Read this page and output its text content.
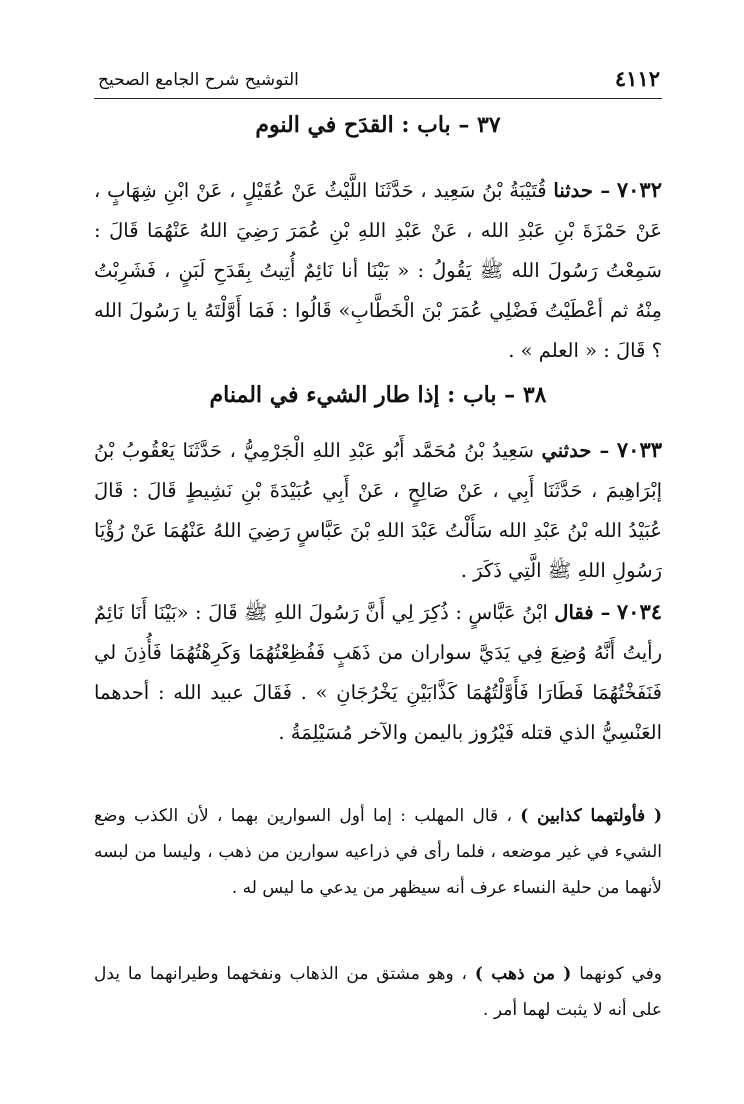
٤١١٢
التوشيح شرح الجامع الصحيح
٣٧ – باب : القدَح في النوم
٧٠٣٢ – حدثنا قُتَيْبَةُ بْنُ سَعِيد ، حَدَّثَنَا اللَّيْثُ عَنْ عُقَيْلٍ ، عَنْ ابْنِ شِهَابٍ ، عَنْ حَمْزَةَ بْنِ عَبْدِ الله ، عَنْ عَبْدِ اللهِ بْنِ عُمَرَ رَضِيَ اللهُ عَنْهُمَا قَالَ : سَمِعْتُ رَسُولَ الله ﷺ يَقُولُ : « بَيْنَا أنا نَائِمٌ أُتِيتُ بِقَدَحِ لَبَنٍ ، فَشَرِبْتُ مِنْهُ ثم أعْطَيْتُ فَضْلِي عُمَرَ بْنَ الْخَطَّابِ» قَالُوا : فَمَا أَوَّلْتَهُ يا رَسُولَ الله ؟ قَالَ : « العلم » .
٣٨ – باب : إذا طار الشيء في المنام
٧٠٣٣ – حدثني سَعِيدُ بْنُ مُحَمَّد أَبُو عَبْدِ اللهِ الْجَرْمِيُّ ، حَدَّثَنَا يَعْقُوبُ بْنُ إبْرَاهِيمَ ، حَدَّثَنَا أَبِي ، عَنْ صَالِحٍ ، عَنْ أَبِي عُبَيْدَةَ بْنِ نَشِيطٍ قَالَ : قَالَ عُبَيْدُ الله بْنُ عَبْدِ الله سَأَلْتُ عَبْدَ اللهِ بْنَ عَبَّاسٍ رَضِيَ اللهُ عَنْهُمَا عَنْ رُؤْيَا رَسُولِ اللهِ ﷺ الَّتِي ذَكَرَ .
٧٠٣٤ – فقال ابْنُ عَبَّاسٍ : ذُكِرَ لِي أَنَّ رَسُولَ اللهِ ﷺ قَالَ : «بَيْنَا أَنَا نَائِمٌ رأيتُ أَنَّهُ وُضِعَ فِي يَدَيَّ سواران من ذَهَبٍ فَفُظِعْتُهُمَا وَكَرِهْتُهُمَا فَأُذِنَ لي فَنَفَخْتُهُمَا فَطَارَا فَأَوَّلْتُهُمَا كَذَّابَيْنِ يَخْرُجَانِ » . فَقَالَ عبيد الله : أحدهما العَنْسِيُّ الذي قتله فَيْرُوز باليمن والآخر مُسَيْلِمَةُ .
( فأولتهما كذابين ) ، قال المهلب : إما أول السوارين بهما ، لأن الكذب وضع الشيء في غير موضعه ، فلما رأى في ذراعيه سوارين من ذهب ، وليسا من لبسه لأنهما من حلية النساء عرف أنه سيظهر من يدعي ما ليس له .
وفي كونهما ( من ذهب ) ، وهو مشتق من الذهاب ونفخهما وطيرانهما ما يدل على أنه لا يثبت لهما أمر .
